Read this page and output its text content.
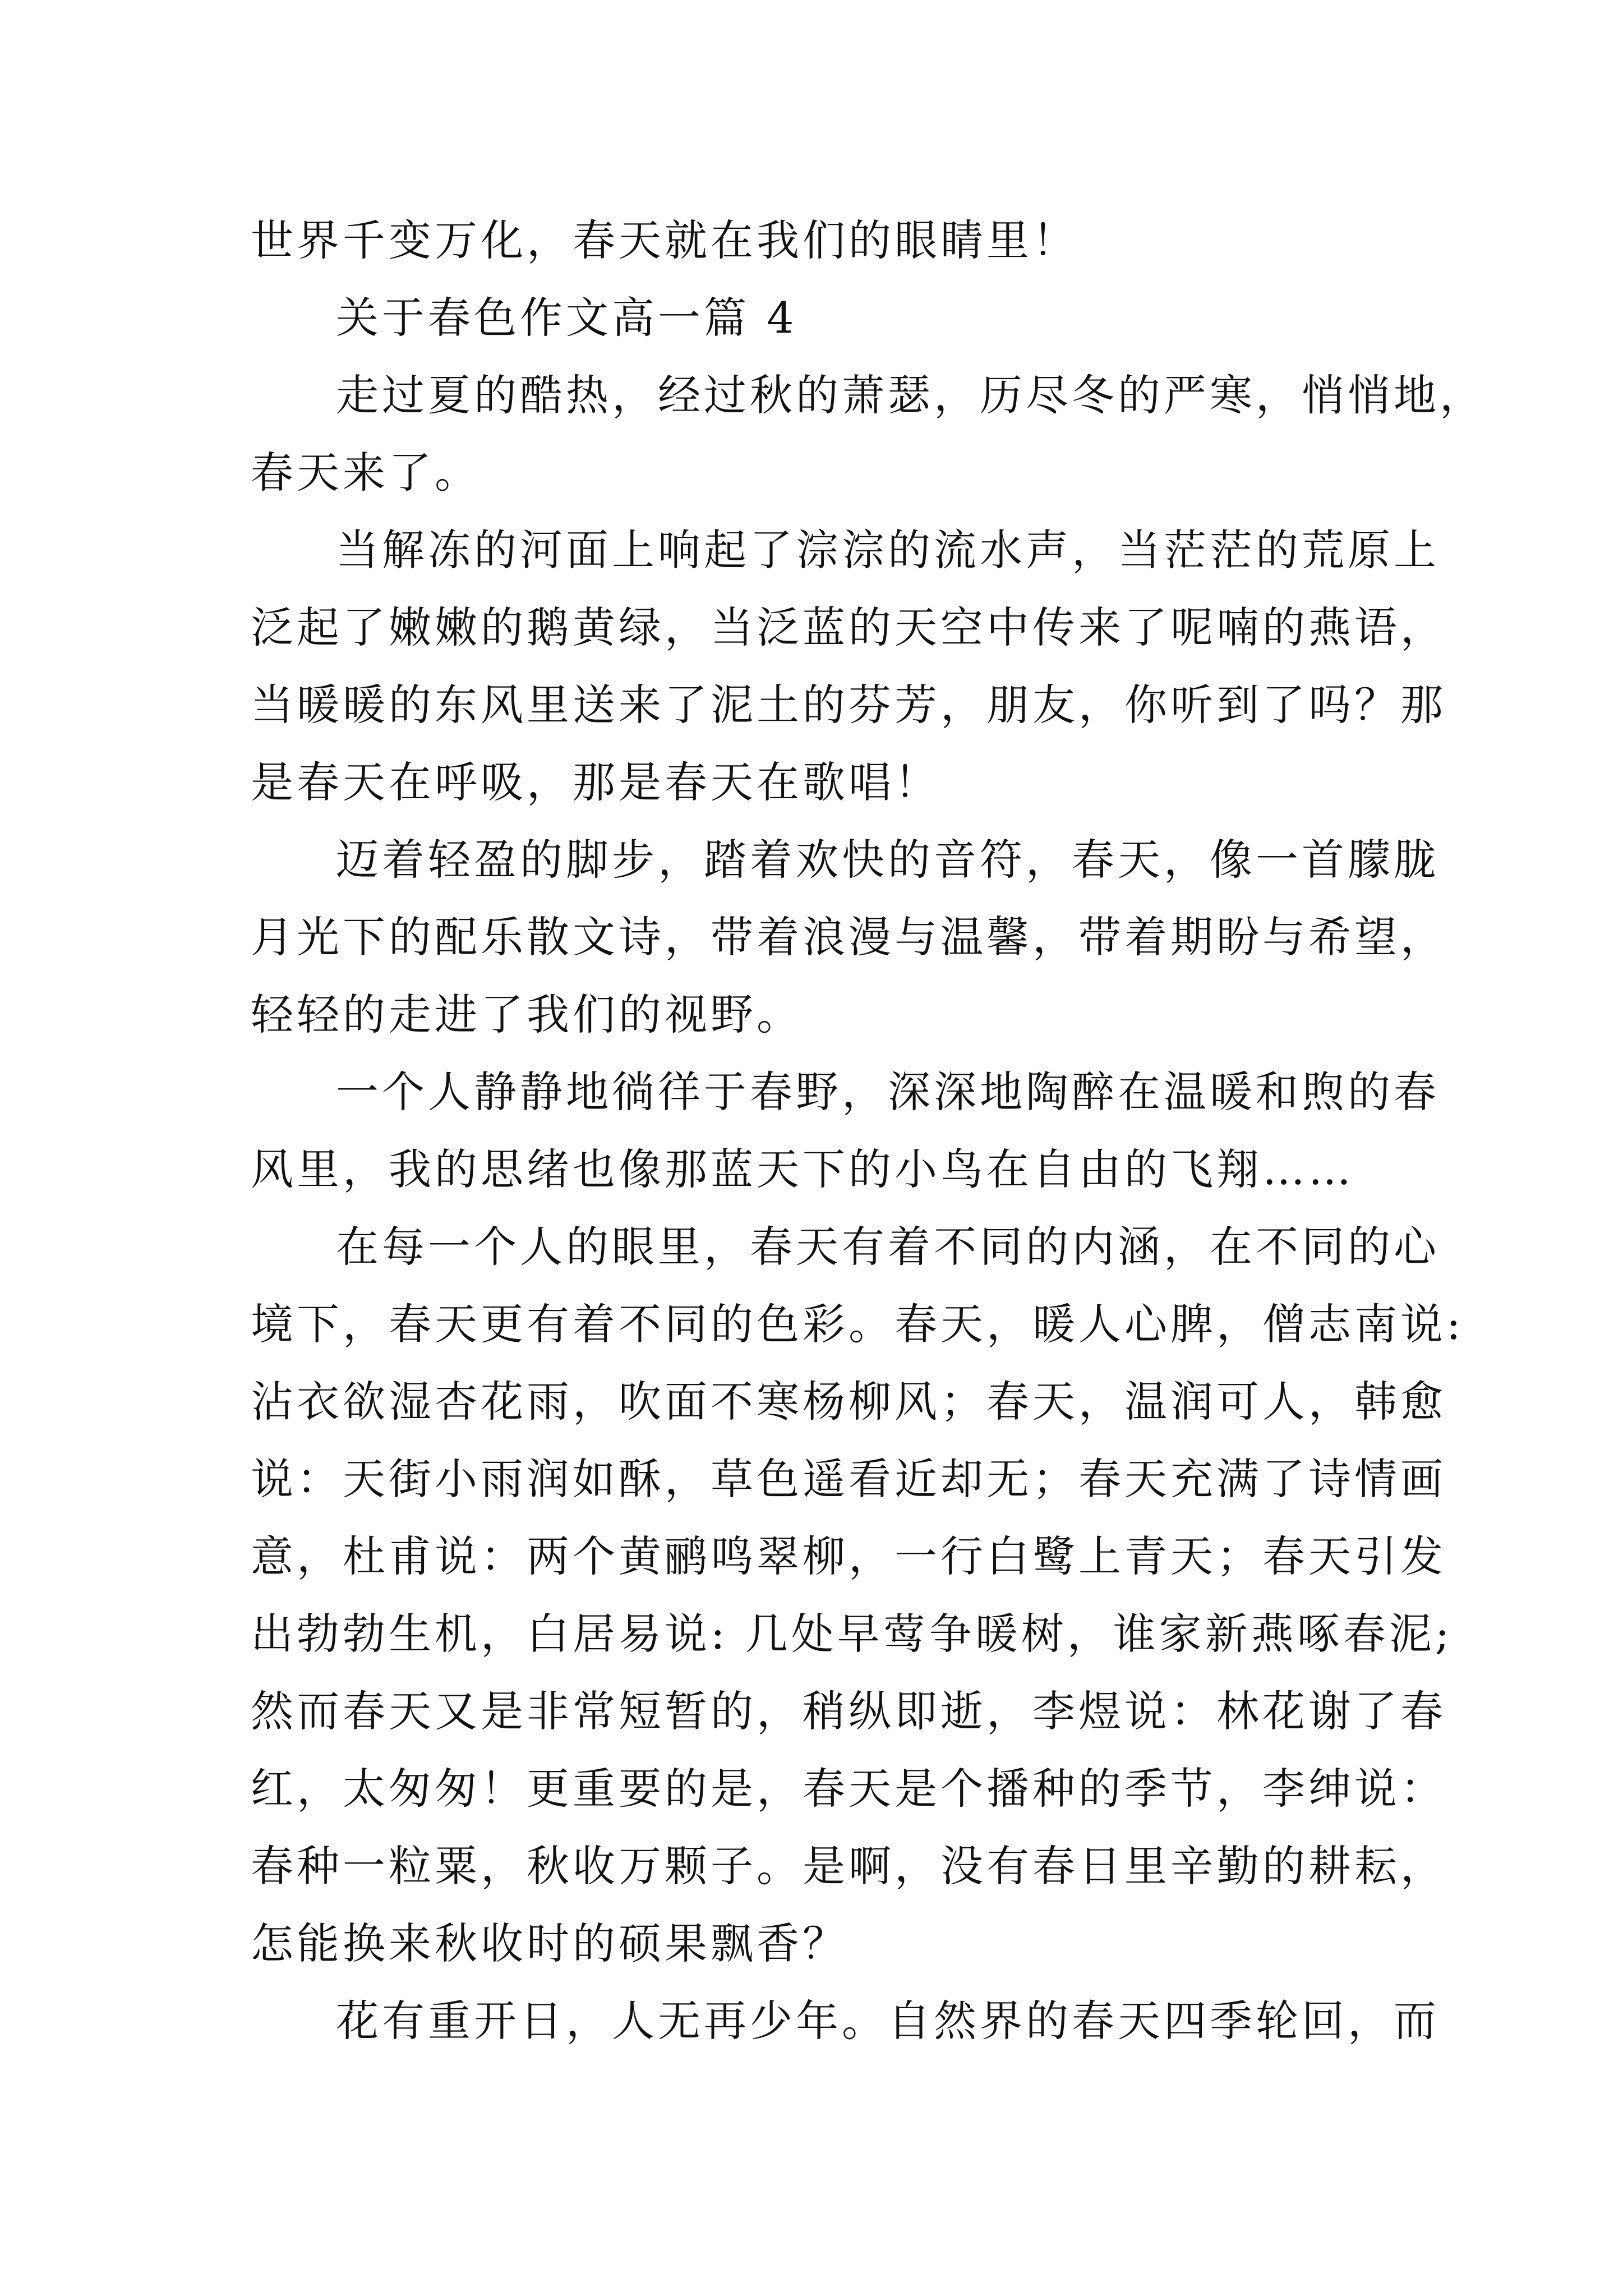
世界千变万化，春天就在我们的眼睛里！
关于春色作文高一篇 4
走过夏的酷热，经过秋的萧瑟，历尽冬的严寒，悄悄地，
春天来了。
当解冻的河面上响起了淙淙的流水声，当茫茫的荒原上
泛起了嫩嫩的鹅黄绿，当泛蓝的天空中传来了呢喃的燕语，
当暖暖的东风里送来了泥土的芬芳，朋友，你听到了吗？那
是春天在呼吸，那是春天在歌唱！
迈着轻盈的脚步，踏着欢快的音符，春天，像一首朦胧
月光下的配乐散文诗，带着浪漫与温馨，带着期盼与希望，
轻轻的走进了我们的视野。
一个人静静地徜徉于春野，深深地陶醉在温暖和煦的春
风里，我的思绪也像那蓝天下的小鸟在自由的飞翔……
在每一个人的眼里，春天有着不同的内涵，在不同的心
境下，春天更有着不同的色彩。春天，暖人心脾，僧志南说:
沾衣欲湿杏花雨，吹面不寒杨柳风；春天，温润可人，韩愈
说：天街小雨润如酥，草色遥看近却无；春天充满了诗情画
意，杜甫说：两个黄鹂鸣翠柳，一行白鹭上青天；春天引发
出勃勃生机，白居易说: 几处早莺争暖树，谁家新燕啄春泥;
然而春天又是非常短暂的，稍纵即逝，李煜说：林花谢了春
红，太匆匆！更重要的是，春天是个播种的季节，李绅说：
春种一粒粟，秋收万颗子。是啊，没有春日里辛勤的耕耘，
怎能换来秋收时的硕果飘香？
花有重开日，人无再少年。自然界的春天四季轮回，而
